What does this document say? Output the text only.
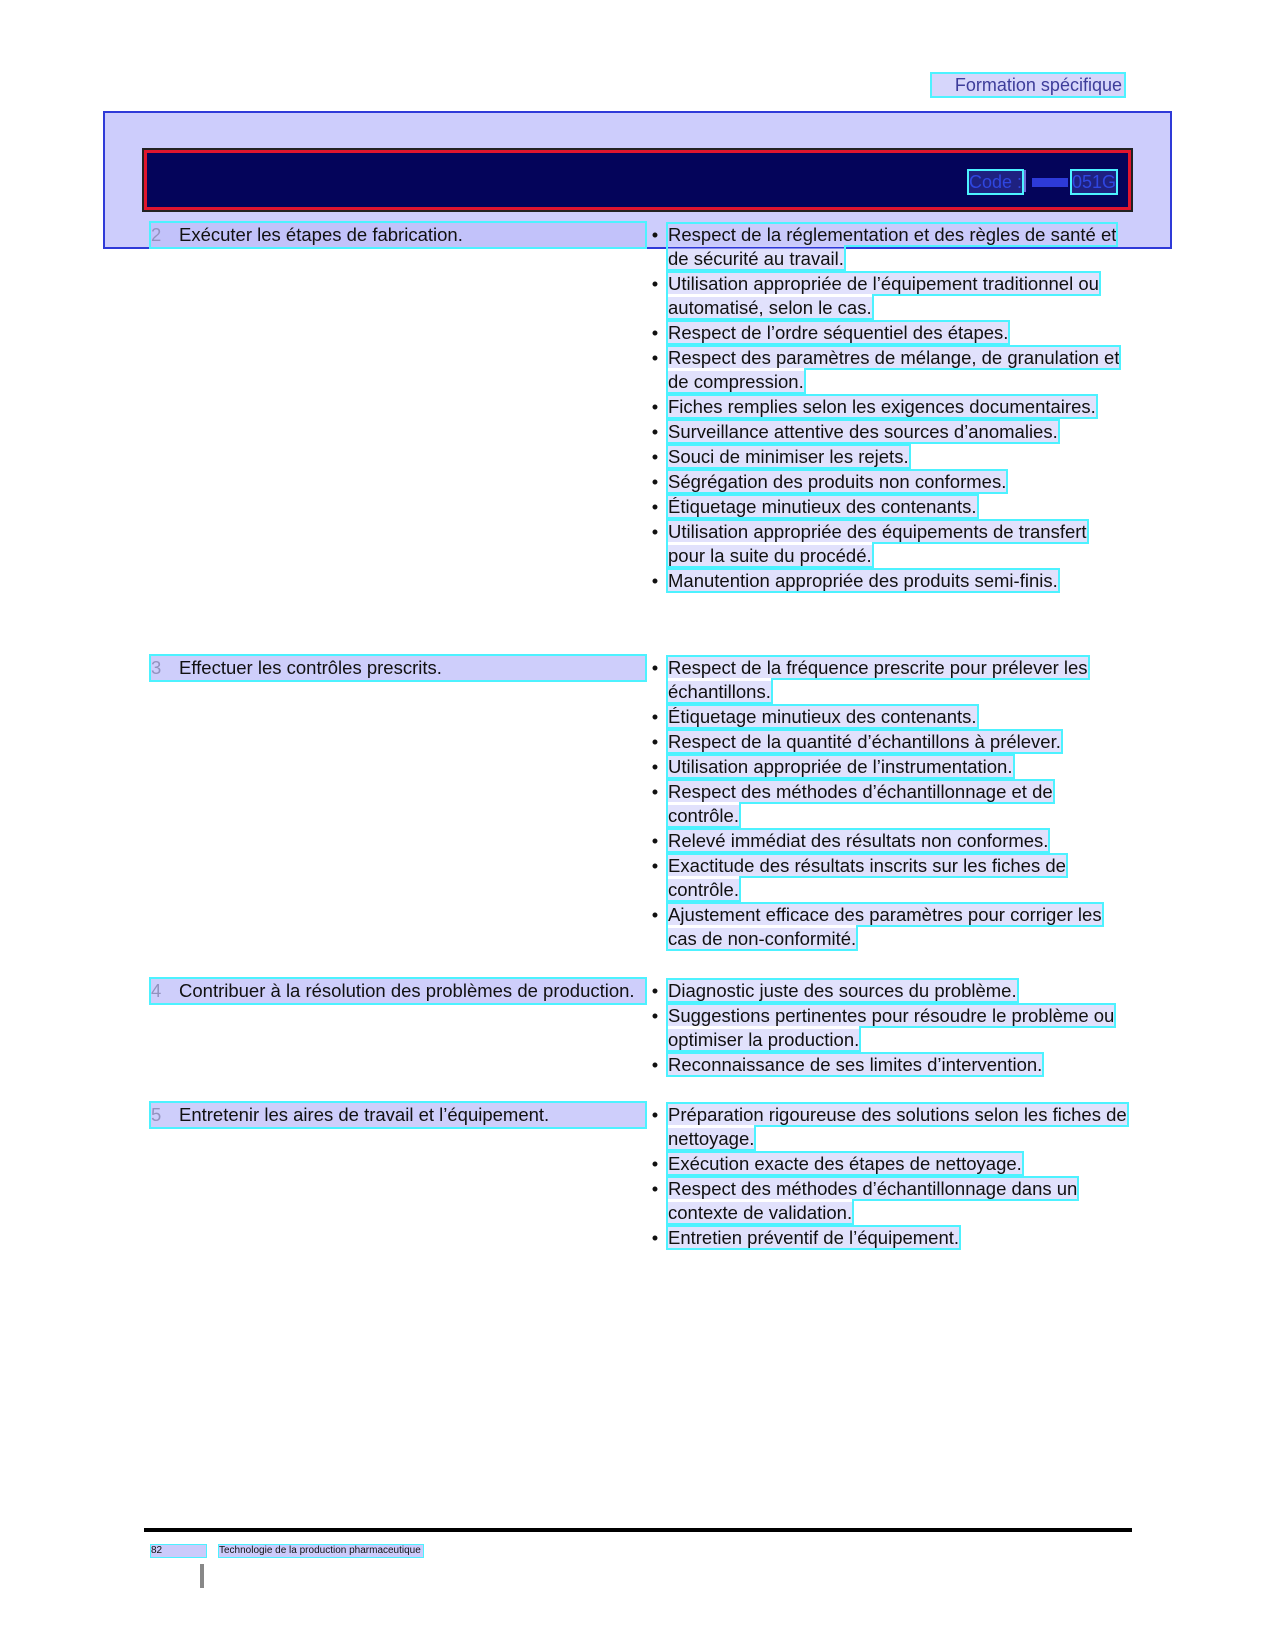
Formation spécifique
Code :	051G
Exécuter les étapes de fabrication.	• Respect de la réglementation et des règles de santé et de sécurité au travail.
• Utilisation appropriée de l’équipement traditionnel ou automatisé, selon le cas.
• Respect de l’ordre séquentiel des étapes.
• Respect des paramètres de mélange, de granulation et de compression.
• Fiches remplies selon les exigences documentaires.
• Surveillance attentive des sources d’anomalies.
• Souci de minimiser les rejets.
• Ségrégation des produits non conformes.
• Étiquetage minutieux des contenants.
• Utilisation appropriée des équipements de transfert pour la suite du procédé.
• Manutention appropriée des produits semi-finis.
Effectuer les contrôles prescrits.	• Respect de la fréquence prescrite pour prélever les échantillons.
• Étiquetage minutieux des contenants.
• Respect de la quantité d’échantillons à prélever.
• Utilisation appropriée de l’instrumentation.
• Respect des méthodes d’échantillonnage et de contrôle.
• Relevé immédiat des résultats non conformes.
• Exactitude des résultats inscrits sur les fiches de contrôle.
• Ajustement efficace des paramètres pour corriger les cas de non-conformité.
Contribuer à la résolution des problèmes de production. • Diagnostic juste des sources du problème.
• Suggestions pertinentes pour résoudre le problème ou optimiser la production.
• Reconnaissance de ses limites d’intervention.
Entretenir les aires de travail et l’équipement.	• Préparation rigoureuse des solutions selon les fiches de nettoyage.
• Exécution exacte des étapes de nettoyage.
• Respect des méthodes d’échantillonnage dans un contexte de validation.
• Entretien préventif de l’équipement.
82	Technologie de la production pharmaceutique
